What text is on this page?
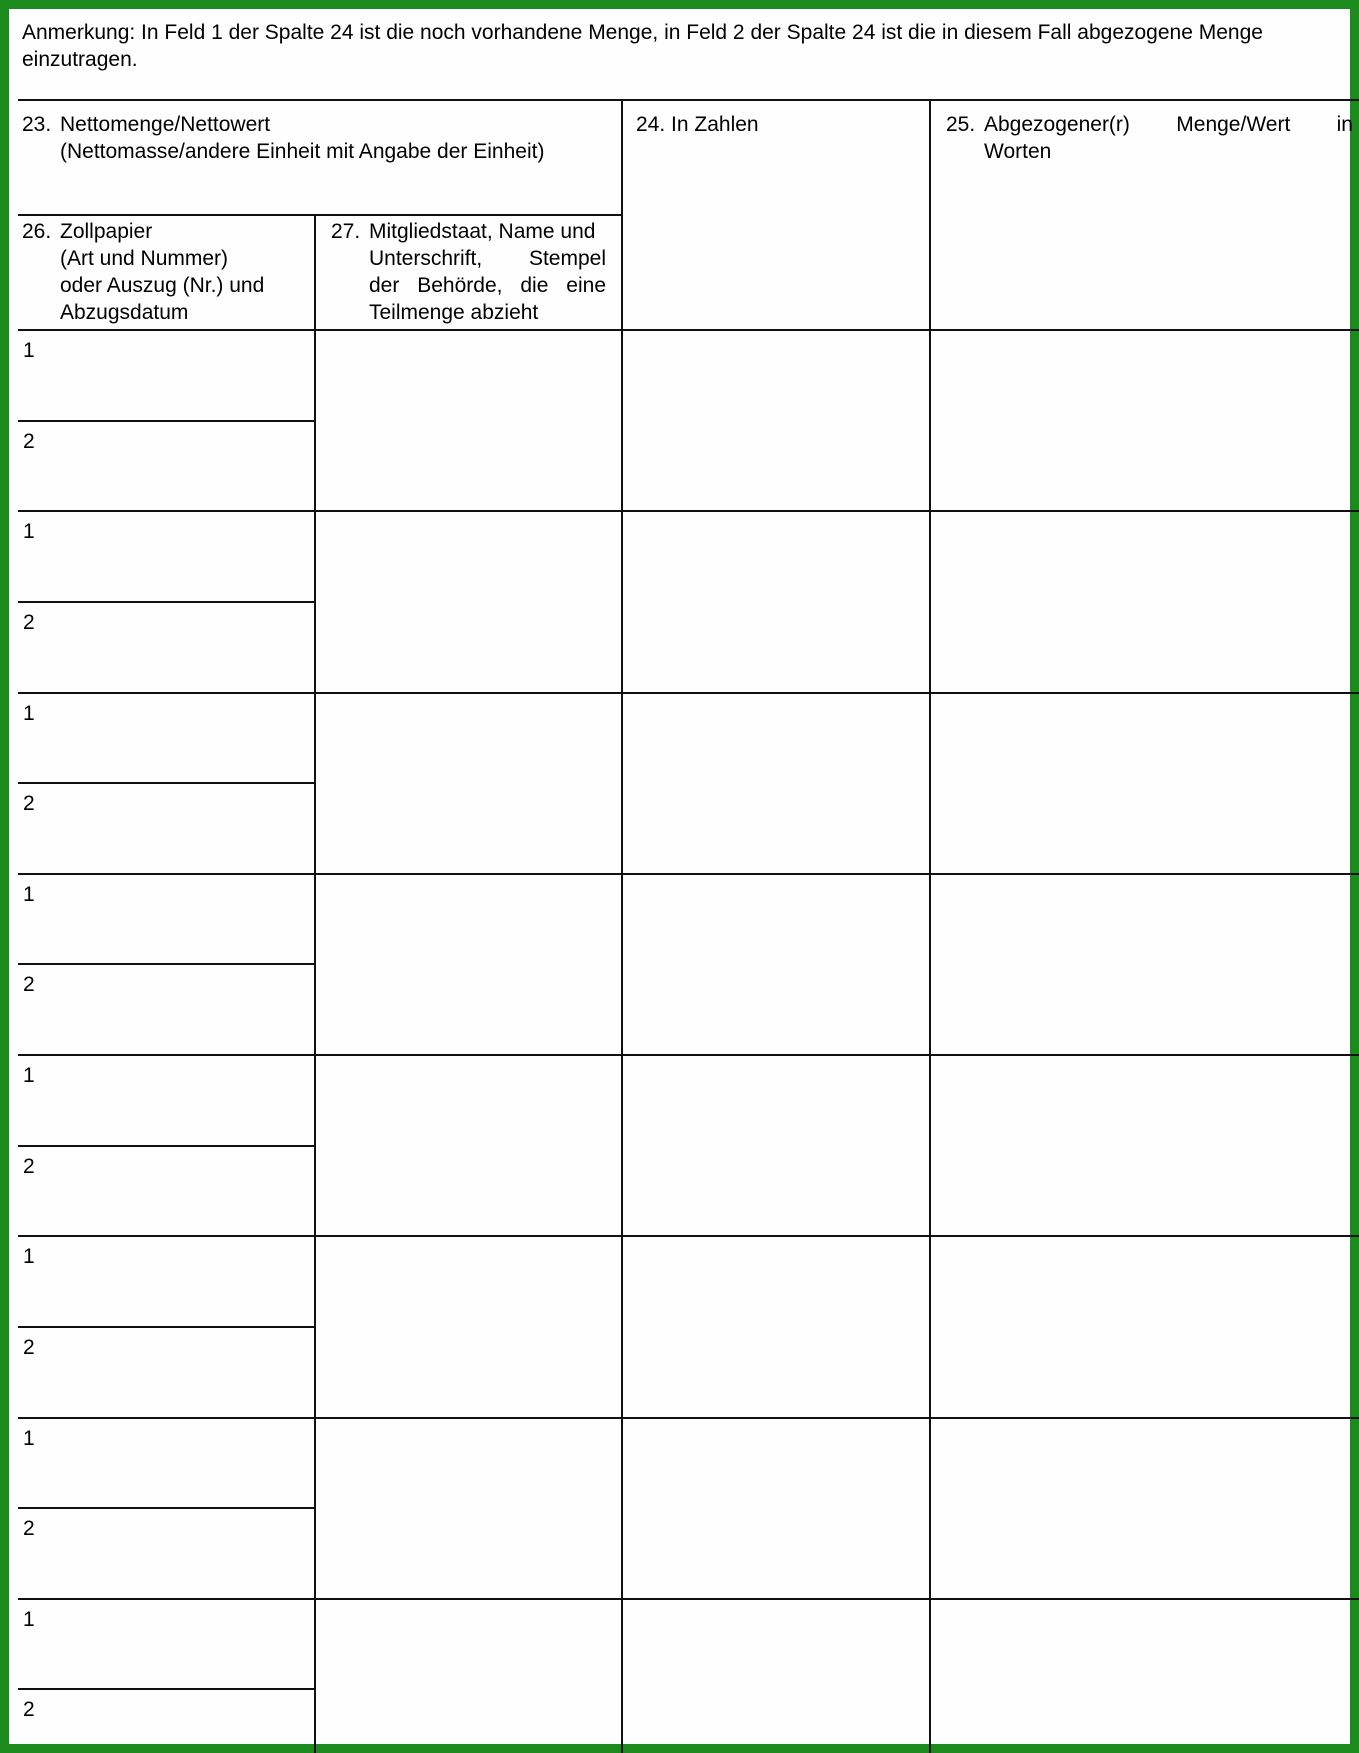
Anmerkung: In Feld 1 der Spalte 24 ist die noch vorhandene Menge, in Feld 2 der Spalte 24 ist die in diesem Fall abgezogene Menge
einzutragen.
23. Nettomenge/Nettowert
(Nettomasse/andere Einheit mit Angabe der Einheit)
24. In Zahlen	25. Abgezogener(r) Menge/Wert in
Worten
26. Zollpapier
(Art und Nummer)
oder Auszug (Nr.) und
Abzugsdatum
27. Mitgliedstaat, Name und
Unterschrift, Stempel
der Behörde, die eine
Teilmenge abzieht
1
2
1
2
1
2
1
2
1
2
1
2
1
2
1
2
